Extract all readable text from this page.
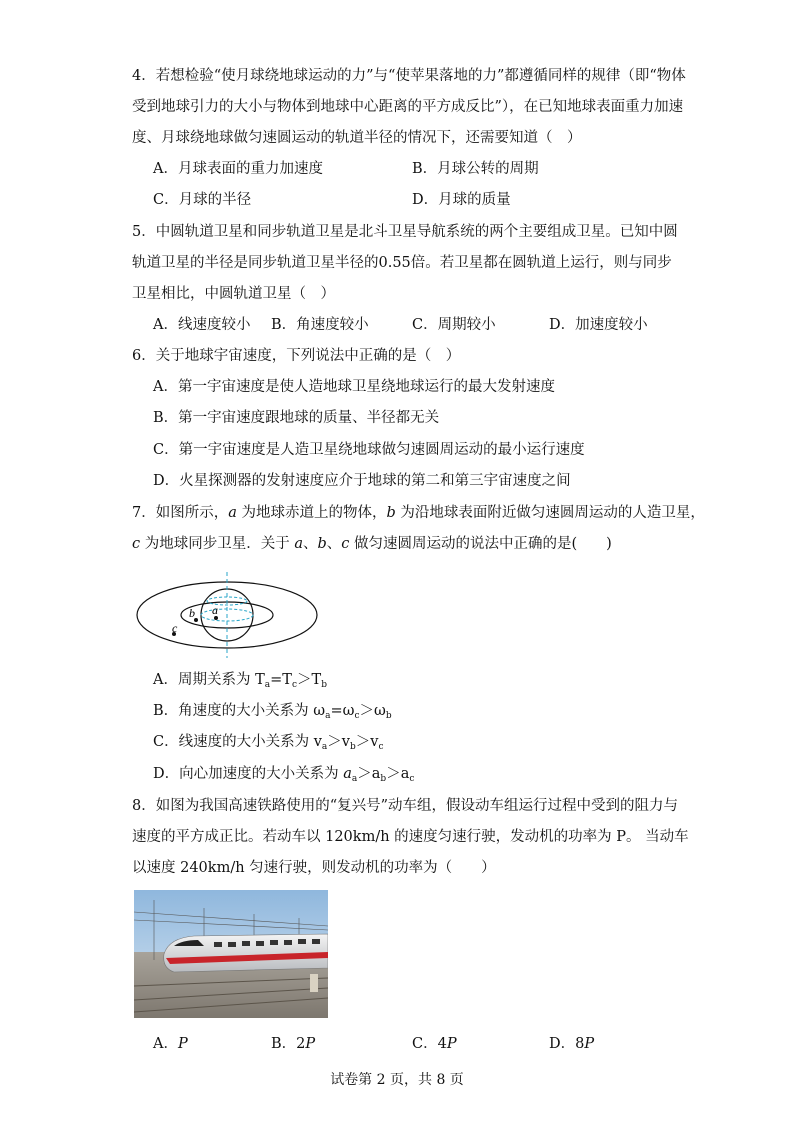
4．若想检验“使月球绕地球运动的力”与“使苹果落地的力”都遵循同样的规律（即“物体
受到地球引力的大小与物体到地球中心距离的平方成反比”），在已知地球表面重力加速
度、月球绕地球做匀速圆运动的轨道半径的情况下，还需要知道（　）
A．月球表面的重力加速度	B．月球公转的周期
C．月球的半径	D．月球的质量
5．中圆轨道卫星和同步轨道卫星是北斗卫星导航系统的两个主要组成卫星。已知中圆
轨道卫星的半径是同步轨道卫星半径的0.55倍。若卫星都在圆轨道上运行，则与同步
卫星相比，中圆轨道卫星（　）
A．线速度较小 B．角速度较小	C．周期较小	D．加速度较小
6．关于地球宇宙速度，下列说法中正确的是（　）
A．第一宇宙速度是使人造地球卫星绕地球运行的最大发射速度
B．第一宇宙速度跟地球的质量、半径都无关
C．第一宇宙速度是人造卫星绕地球做匀速圆周运动的最小运行速度
D．火星探测器的发射速度应介于地球的第二和第三宇宙速度之间
7．如图所示，a 为地球赤道上的物体，b 为沿地球表面附近做匀速圆周运动的人造卫星，
c 为地球同步卫星．关于 a、b、c 做匀速圆周运动的说法中正确的是(　　)
a
b
c
A．周期关系为 $T_a=T_c>T_b$
B．角速度的大小关系为 $\omega_a=\omega_c>\omega_b$
C．线速度的大小关系为 $v_a>v_b>v_c$
D．向心加速度的大小关系为 $a_a>a_b>a_c$
8．如图为我国高速铁路使用的“复兴号”动车组，假设动车组运行过程中受到的阻力与
速度的平方成正比。若动车以 120km/h 的速度匀速行驶，发动机的功率为 P。 当动车
以速度 240km/h 匀速行驶，则发动机的功率为（　　）
A．P	B．2P	C．4P	D．8P
试卷第 2 页，共 8 页
